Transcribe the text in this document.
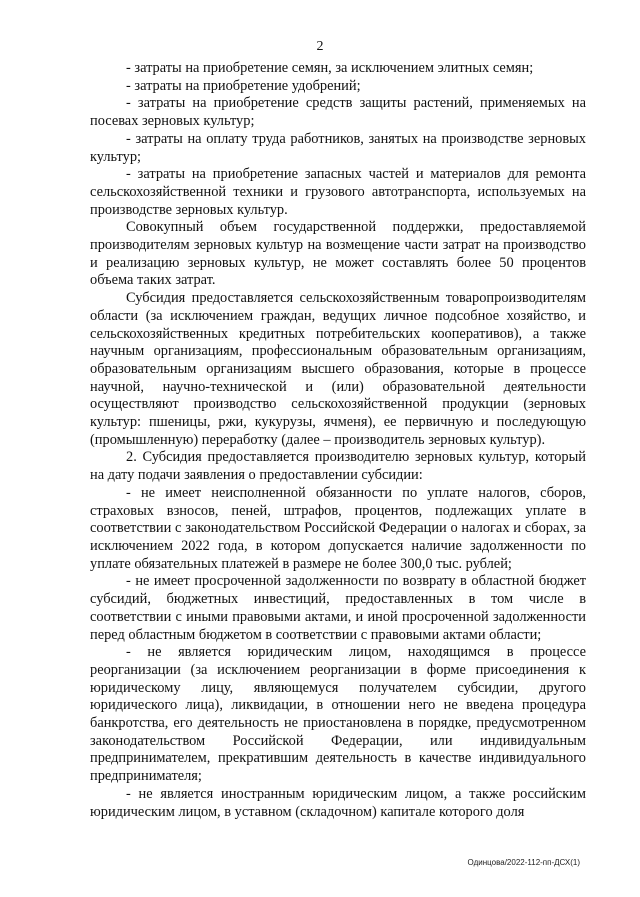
2

- затраты на приобретение семян, за исключением элитных семян;

- затраты на приобретение удобрений;

- затраты на приобретение средств защиты растений, применяемых на посевах зерновых культур;

- затраты на оплату труда работников, занятых на производстве зерновых культур;

- затраты на приобретение запасных частей и материалов для ремонта сельскохозяйственной техники и грузового автотранспорта, используемых на производстве зерновых культур.

Совокупный объем государственной поддержки, предоставляемой производителям зерновых культур на возмещение части затрат на производство и реализацию зерновых культур, не может составлять более 50 процентов объема таких затрат.

Субсидия предоставляется сельскохозяйственным товаропроизводителям области (за исключением граждан, ведущих личное подсобное хозяйство, и сельскохозяйственных кредитных потребительских кооперативов), а также научным организациям, профессиональным образовательным организациям, образовательным организациям высшего образования, которые в процессе научной, научно-технической и (или) образовательной деятельности осуществляют производство сельскохозяйственной продукции (зерновых культур: пшеницы, ржи, кукурузы, ячменя), ее первичную и последующую (промышленную) переработку (далее – производитель зерновых культур).

2. Субсидия предоставляется производителю зерновых культур, который на дату подачи заявления о предоставлении субсидии:

- не имеет неисполненной обязанности по уплате налогов, сборов, страховых взносов, пеней, штрафов, процентов, подлежащих уплате в соответствии с законодательством Российской Федерации о налогах и сборах, за исключением 2022 года, в котором допускается наличие задолженности по уплате обязательных платежей в размере не более 300,0 тыс. рублей;

- не имеет просроченной задолженности по возврату в областной бюджет субсидий, бюджетных инвестиций, предоставленных в том числе в соответствии с иными правовыми актами, и иной просроченной задолженности перед областным бюджетом в соответствии с правовыми актами области;

- не является юридическим лицом, находящимся в процессе реорганизации (за исключением реорганизации в форме присоединения к юридическому лицу, являющемуся получателем субсидии, другого юридического лица), ликвидации, в отношении него не введена процедура банкротства, его деятельность не приостановлена в порядке, предусмотренном законодательством Российской Федерации, или индивидуальным предпринимателем, прекратившим деятельность в качестве индивидуального предпринимателя;

- не является иностранным юридическим лицом, а также российским юридическим лицом, в уставном (складочном) капитале которого доля

Одинцова/2022-112-пп-ДСХ(1)
